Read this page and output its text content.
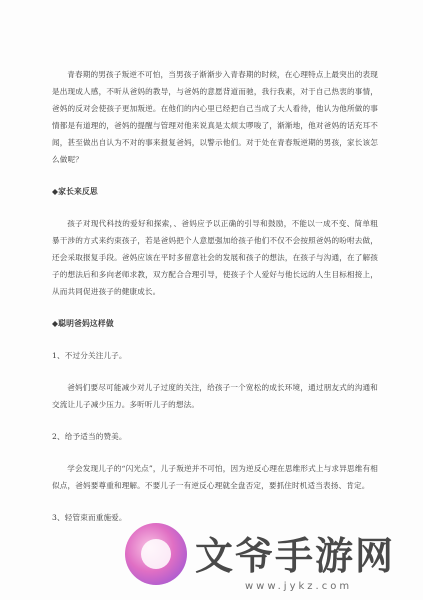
青春期的男孩子叛逆不可怕，当男孩子渐渐步入青春期的时候，在心理特点上最突出的表现是出现成人感，不听从爸妈的教导，与爸妈的意愿背道而驰，我行我素，对于自己热衷的事情，爸妈的反对会使孩子更加叛逆。在他们的内心里已经把自己当成了大人看待，他认为他所做的事情都是有道理的，爸妈的提醒与管理对他来说真是太烦太啰唆了，渐渐地，他对爸妈的话充耳不闻，甚至做出自认为不对的事来报复爸妈，以警示他们。对于处在青春叛逆期的男孩，家长该怎么做呢？

◆家长来反思

孩子对现代科技的爱好和探索，、爸妈应予以正确的引导和鼓励，不能以一成不变、简单粗暴干涉的方式来约束孩子，若是爸妈把个人意愿强加给孩子他们不仅不会按照爸妈的吩咐去做，还会采取报复手段。爸妈应该在平时多留意社会的发展和孩子的想法，在孩子与沟通，在了解孩子的想法后和多向老师求教，双方配合合理引导，使孩子个人爱好与他长远的人生目标相接上，从而共同促进孩子的健康成长。

◆聪明爸妈这样做

1、不过分关注儿子。

爸妈们要尽可能减少对儿子过度的关注，给孩子一个宽松的成长环境，通过朋友式的沟通和交流让儿子减少压力。多听听儿子的想法。

2、给予适当的赞美。

学会发现儿子的“闪光点”，儿子叛逆并不可怕，因为逆反心理在思维形式上与求异思维有相似点，爸妈要尊重和理解。不要儿子一有逆反心理就全盘否定，要抓住时机适当表扬、肯定。

3、轻管束而重施爱。

文爷手游网
www.jykz.com
